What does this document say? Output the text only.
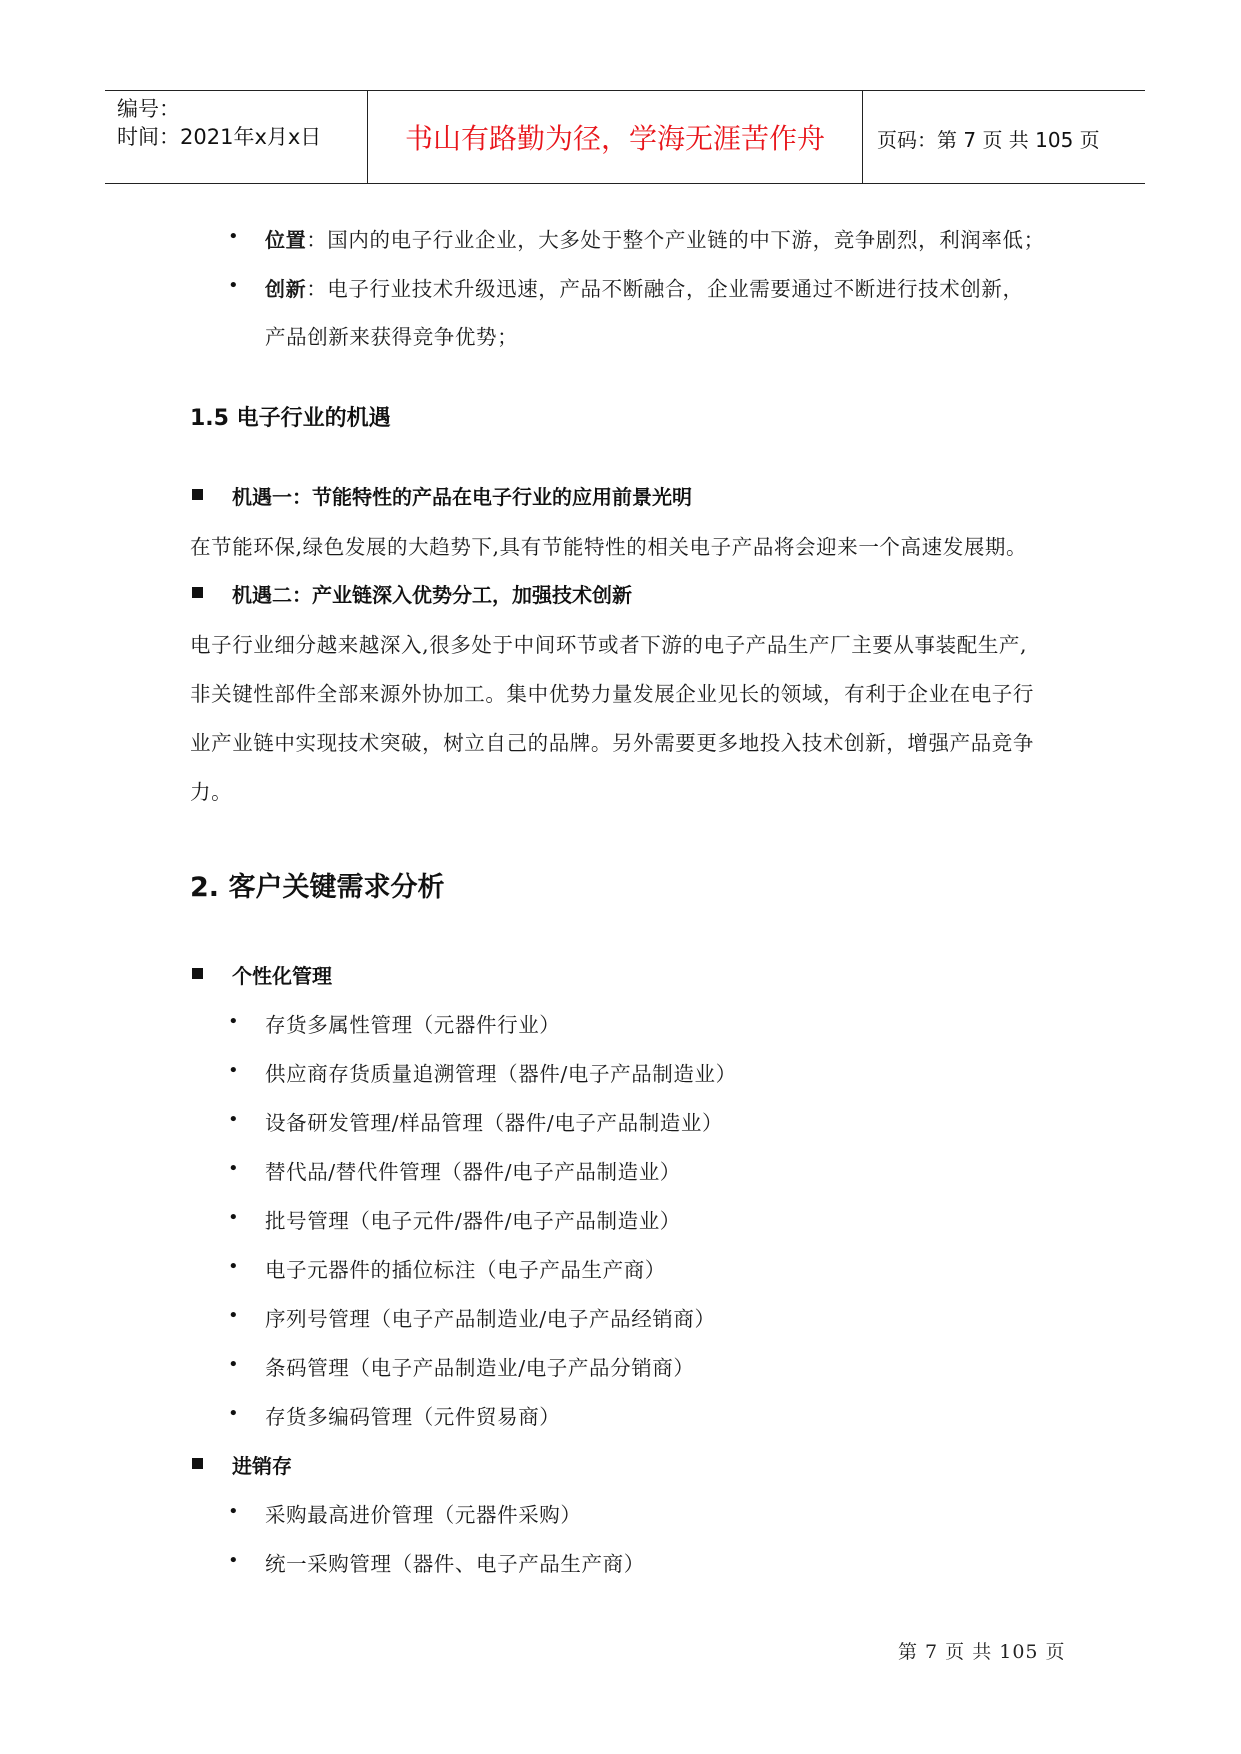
编号：
时间：2021年x月x日	书山有路勤为径，学海无涯苦作舟	页码：第 7 页 共 105 页
• 位置：国内的电子行业企业，大多处于整个产业链的中下游，竞争剧烈，利润率低；
• 创新：电子行业技术升级迅速，产品不断融合，企业需要通过不断进行技术创新，
产品创新来获得竞争优势；
1.5 电子行业的机遇
机遇一：节能特性的产品在电子行业的应用前景光明
在节能环保,绿色发展的大趋势下,具有节能特性的相关电子产品将会迎来一个高速发展期。
机遇二：产业链深入优势分工，加强技术创新
电子行业细分越来越深入,很多处于中间环节或者下游的电子产品生产厂主要从事装配生产,
非关键性部件全部来源外协加工。集中优势力量发展企业见长的领域，有利于企业在电子行
业产业链中实现技术突破，树立自己的品牌。另外需要更多地投入技术创新，增强产品竞争
力。
2. 客户关键需求分析
个性化管理
• 存货多属性管理（元器件行业）
• 供应商存货质量追溯管理（器件/电子产品制造业）
• 设备研发管理/样品管理（器件/电子产品制造业）
• 替代品/替代件管理（器件/电子产品制造业）
• 批号管理（电子元件/器件/电子产品制造业）
• 电子元器件的插位标注（电子产品生产商）
• 序列号管理（电子产品制造业/电子产品经销商）
• 条码管理（电子产品制造业/电子产品分销商）
• 存货多编码管理（元件贸易商）
进销存
• 采购最高进价管理（元器件采购）
• 统一采购管理（器件、电子产品生产商）
第 7 页 共 105 页
